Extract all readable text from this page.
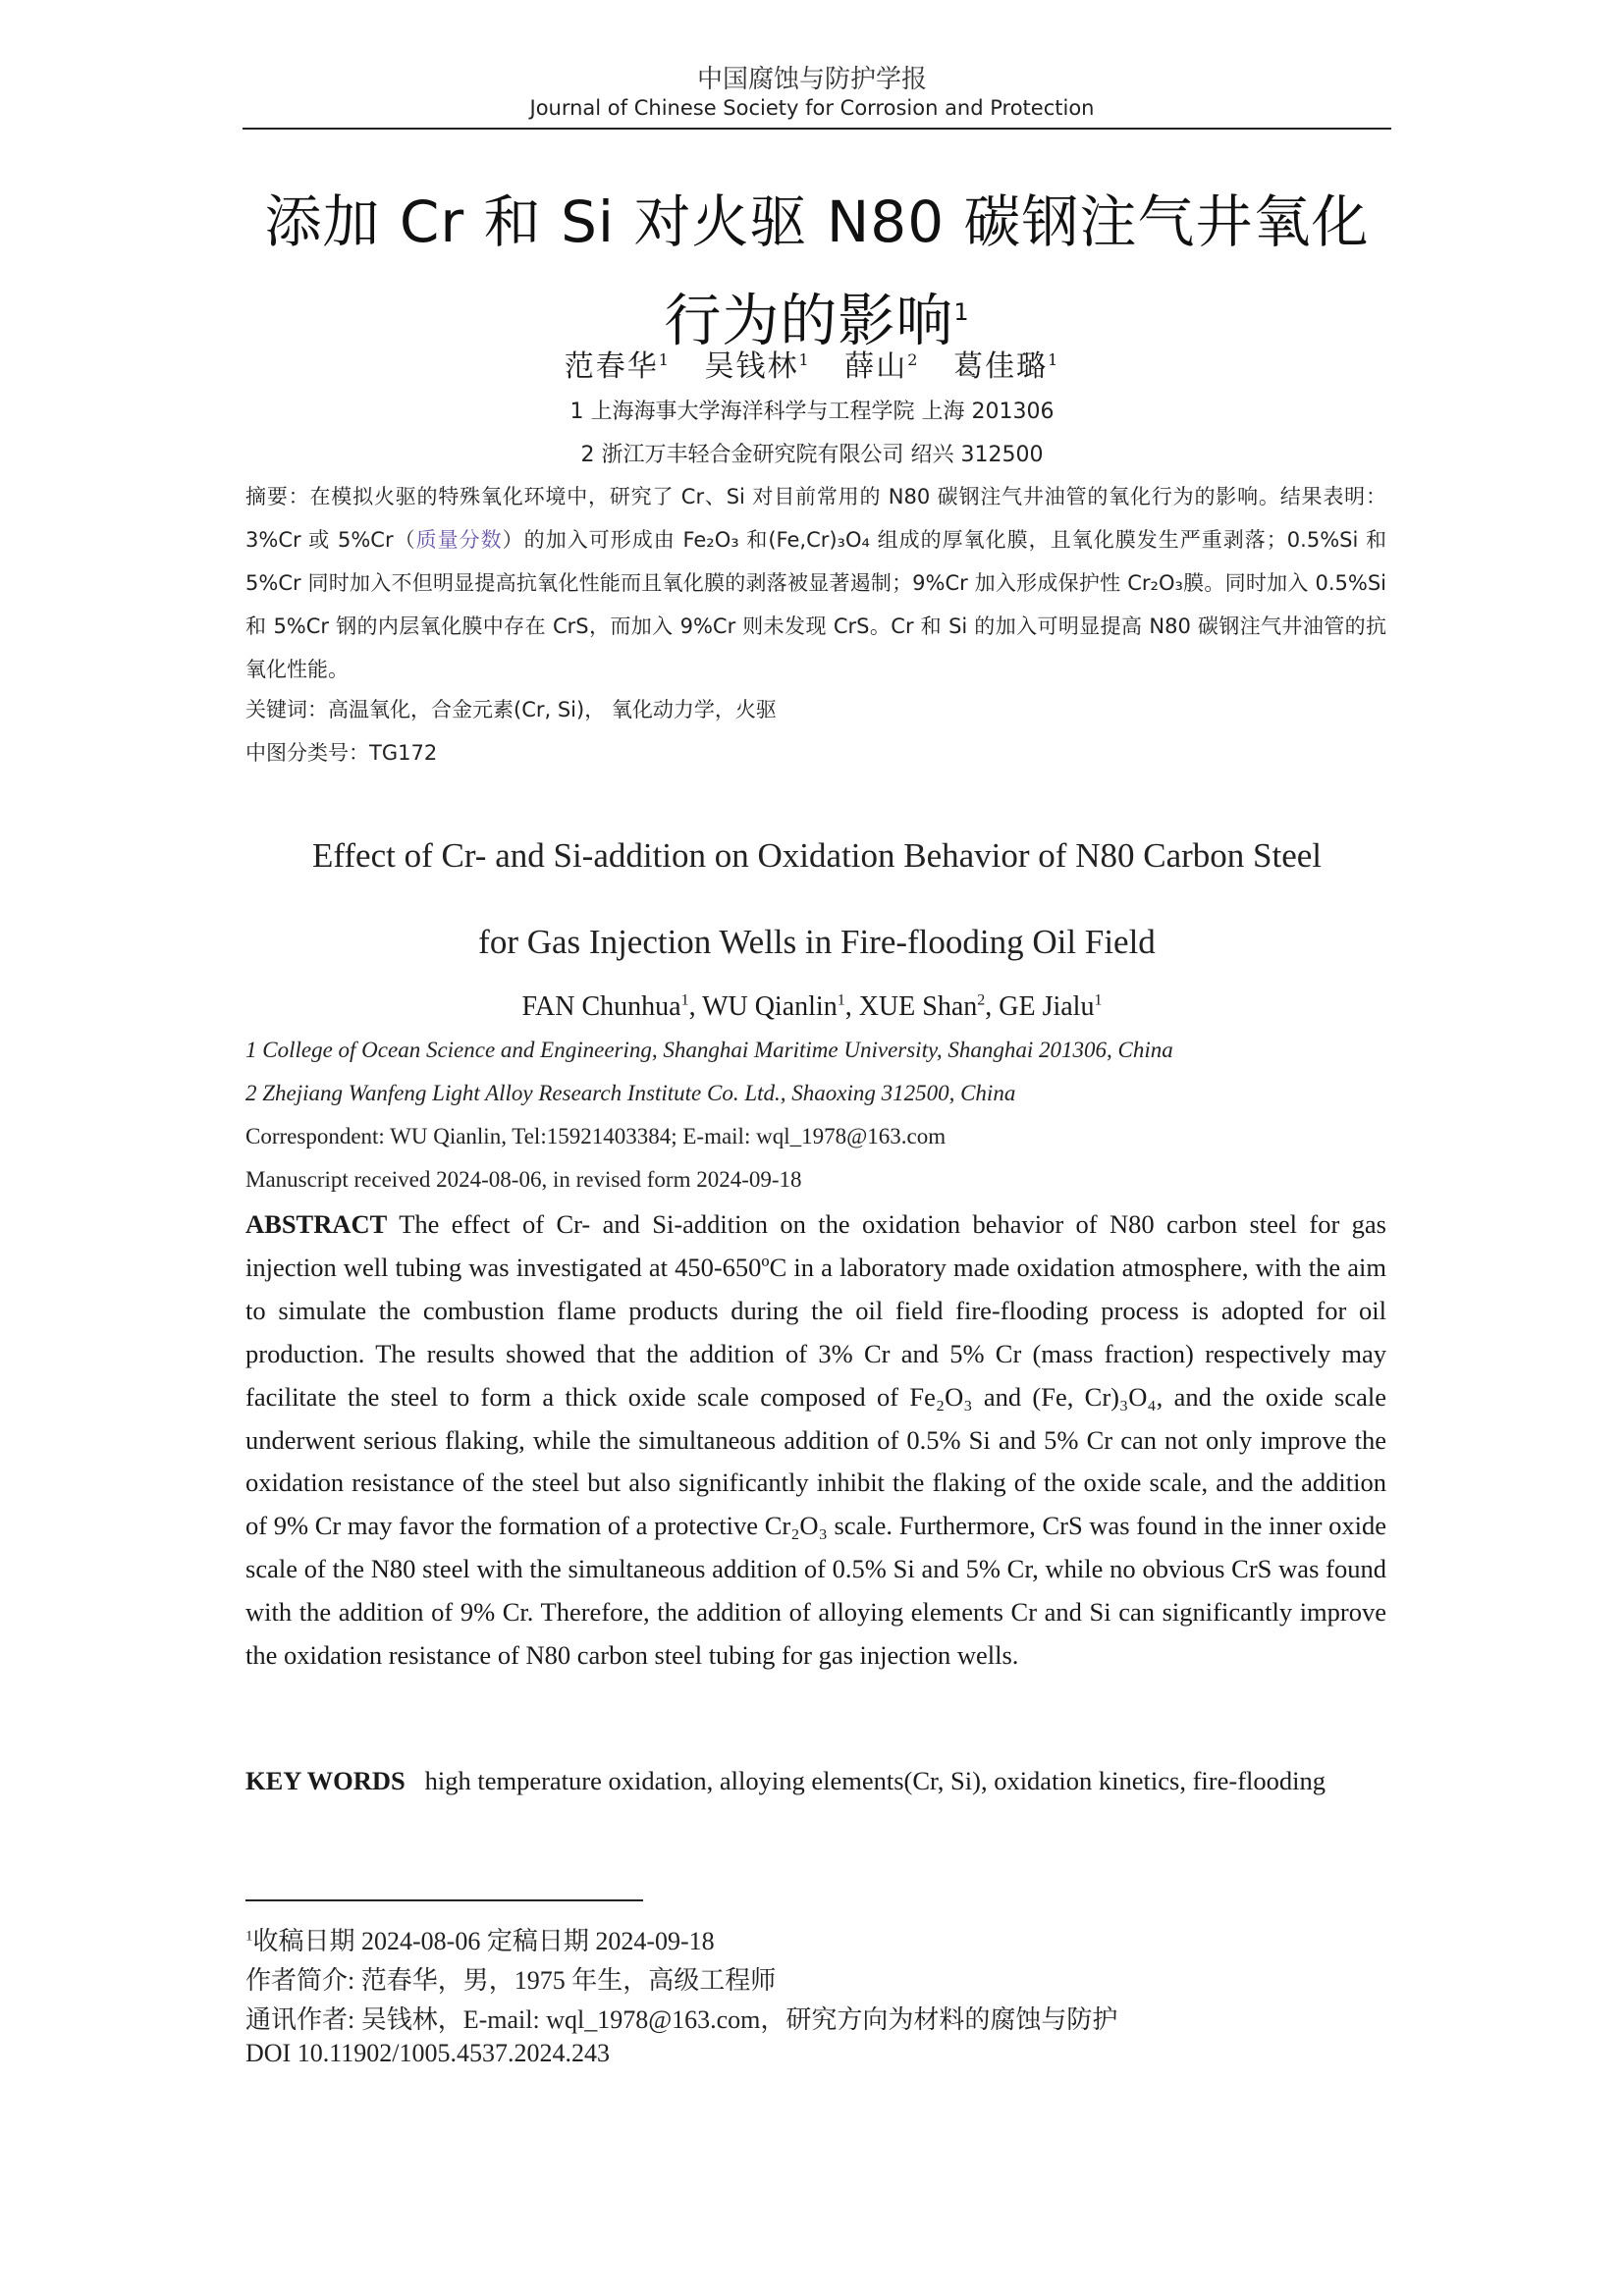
中国腐蚀与防护学报
Journal of Chinese Society for Corrosion and Protection
添加 Cr 和 Si 对火驱 N80 碳钢注气井氧化
行为的影响$^1$
范春华$^1$ 吴钱林$^1$ 薛山$^2$ 葛佳璐$^1$
1 上海海事大学海洋科学与工程学院 上海 201306
2 浙江万丰轻合金研究院有限公司 绍兴 312500
摘要：在模拟火驱的特殊氧化环境中，研究了 Cr、Si 对目前常用的 N80 碳钢注气井油管的氧化行为的影响。结果表明：3%Cr 或 5%Cr（质量分数）的加入可形成由 Fe₂O₃ 和(Fe,Cr)₃O₄ 组成的厚氧化膜，且氧化膜发生严重剥落；0.5%Si 和 5%Cr 同时加入不但明显提高抗氧化性能而且氧化膜的剥落被显著遏制；9%Cr 加入形成保护性 Cr₂O₃膜。同时加入 0.5%Si 和 5%Cr 钢的内层氧化膜中存在 CrS，而加入 9%Cr 则未发现 CrS。Cr 和 Si 的加入可明显提高 N80 碳钢注气井油管的抗氧化性能。
关键词：高温氧化，合金元素(Cr, Si)， 氧化动力学，火驱
中图分类号：TG172
Effect of Cr- and Si-addition on Oxidation Behavior of N80 Carbon Steel
for Gas Injection Wells in Fire-flooding Oil Field
FAN Chunhua$^1$, WU Qianlin$^1$, XUE Shan$^2$, GE Jialu$^1$
1 College of Ocean Science and Engineering, Shanghai Maritime University, Shanghai 201306, China
2 Zhejiang Wanfeng Light Alloy Research Institute Co. Ltd., Shaoxing 312500, China
Correspondent: WU Qianlin, Tel:15921403384; E-mail: wql_1978@163.com
Manuscript received 2024-08-06, in revised form 2024-09-18
ABSTRACT The effect of Cr- and Si-addition on the oxidation behavior of N80 carbon steel for gas injection well tubing was investigated at 450-650ºC in a laboratory made oxidation atmosphere, with the aim to simulate the combustion flame products during the oil field fire-flooding process is adopted for oil production. The results showed that the addition of 3% Cr and 5% Cr (mass fraction) respectively may facilitate the steel to form a thick oxide scale composed of Fe₂O₃ and (Fe, Cr)₃O₄, and the oxide scale underwent serious flaking, while the simultaneous addition of 0.5% Si and 5% Cr can not only improve the oxidation resistance of the steel but also significantly inhibit the flaking of the oxide scale, and the addition of 9% Cr may favor the formation of a protective Cr₂O₃ scale. Furthermore, CrS was found in the inner oxide scale of the N80 steel with the simultaneous addition of 0.5% Si and 5% Cr, while no obvious CrS was found with the addition of 9% Cr. Therefore, the addition of alloying elements Cr and Si can significantly improve the oxidation resistance of N80 carbon steel tubing for gas injection wells.
KEY WORDS high temperature oxidation, alloying elements(Cr, Si), oxidation kinetics, fire-flooding
$^1$收稿日期 2024-08-06 定稿日期 2024-09-18
作者简介: 范春华，男，1975 年生，高级工程师
通讯作者: 吴钱林，E-mail: wql_1978@163.com，研究方向为材料的腐蚀与防护
DOI 10.11902/1005.4537.2024.243
